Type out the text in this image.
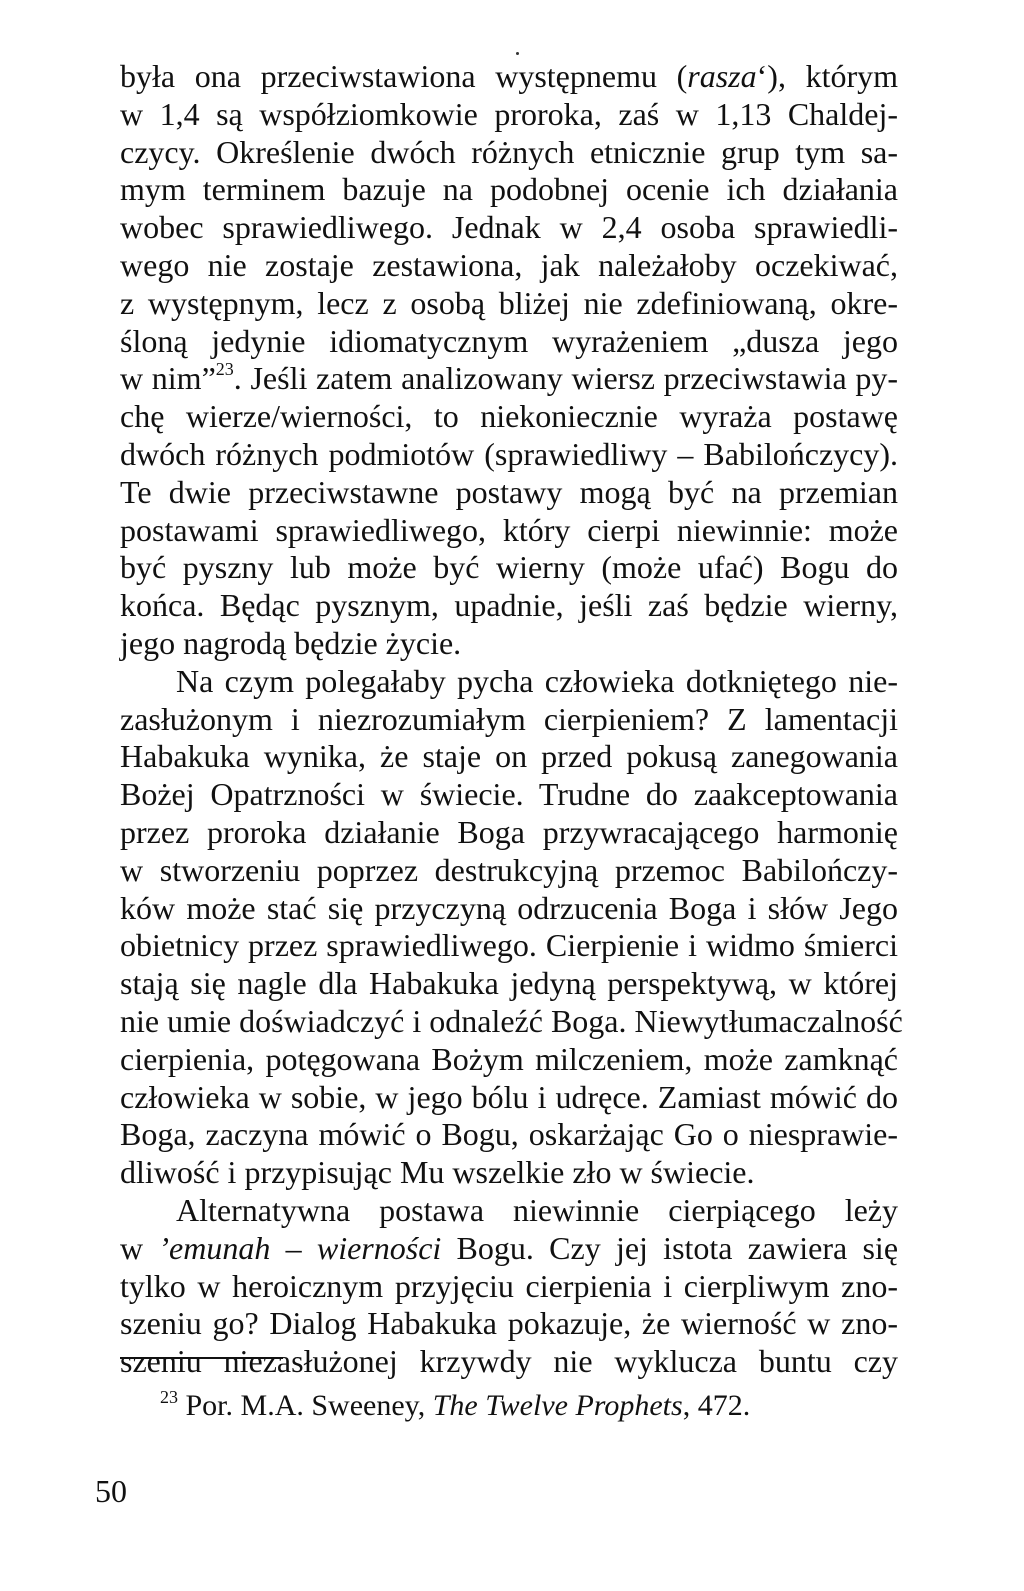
była ona przeciwstawiona występnemu (rasza‘), którym
w 1,4 są współziomkowie proroka, zaś w 1,13 Chaldej-
czycy. Określenie dwóch różnych etnicznie grup tym sa-
mym terminem bazuje na podobnej ocenie ich działania
wobec sprawiedliwego. Jednak w 2,4 osoba sprawiedli-
wego nie zostaje zestawiona, jak należałoby oczekiwać,
z występnym, lecz z osobą bliżej nie zdefiniowaną, okre-
śloną jedynie idiomatycznym wyrażeniem „dusza jego
w nim”$^{23}$. Jeśli zatem analizowany wiersz przeciwstawia py-
chę wierze/wierności, to niekoniecznie wyraża postawę
dwóch różnych podmiotów (sprawiedliwy – Babilończycy).
Te dwie przeciwstawne postawy mogą być na przemian
postawami sprawiedliwego, który cierpi niewinnie: może
być pyszny lub może być wierny (może ufać) Bogu do
końca. Będąc pysznym, upadnie, jeśli zaś będzie wierny,
jego nagrodą będzie życie.
Na czym polegałaby pycha człowieka dotkniętego nie-
zasłużonym i niezrozumiałym cierpieniem? Z lamentacji
Habakuka wynika, że staje on przed pokusą zanegowania
Bożej Opatrzności w świecie. Trudne do zaakceptowania
przez proroka działanie Boga przywracającego harmonię
w stworzeniu poprzez destrukcyjną przemoc Babilończy-
ków może stać się przyczyną odrzucenia Boga i słów Jego
obietnicy przez sprawiedliwego. Cierpienie i widmo śmierci
stają się nagle dla Habakuka jedyną perspektywą, w której
nie umie doświadczyć i odnaleźć Boga. Niewytłumaczalność
cierpienia, potęgowana Bożym milczeniem, może zamknąć
człowieka w sobie, w jego bólu i udręce. Zamiast mówić do
Boga, zaczyna mówić o Bogu, oskarżając Go o niesprawie-
dliwość i przypisując Mu wszelkie zło w świecie.
Alternatywna postawa niewinnie cierpiącego leży
w ’emunah – wierności Bogu. Czy jej istota zawiera się
tylko w heroicznym przyjęciu cierpienia i cierpliwym zno-
szeniu go? Dialog Habakuka pokazuje, że wierność w zno-
szeniu niezasłużonej krzywdy nie wyklucza buntu czy
$^{23}$ Por. M.A. Sweeney, The Twelve Prophets, 472.
50
